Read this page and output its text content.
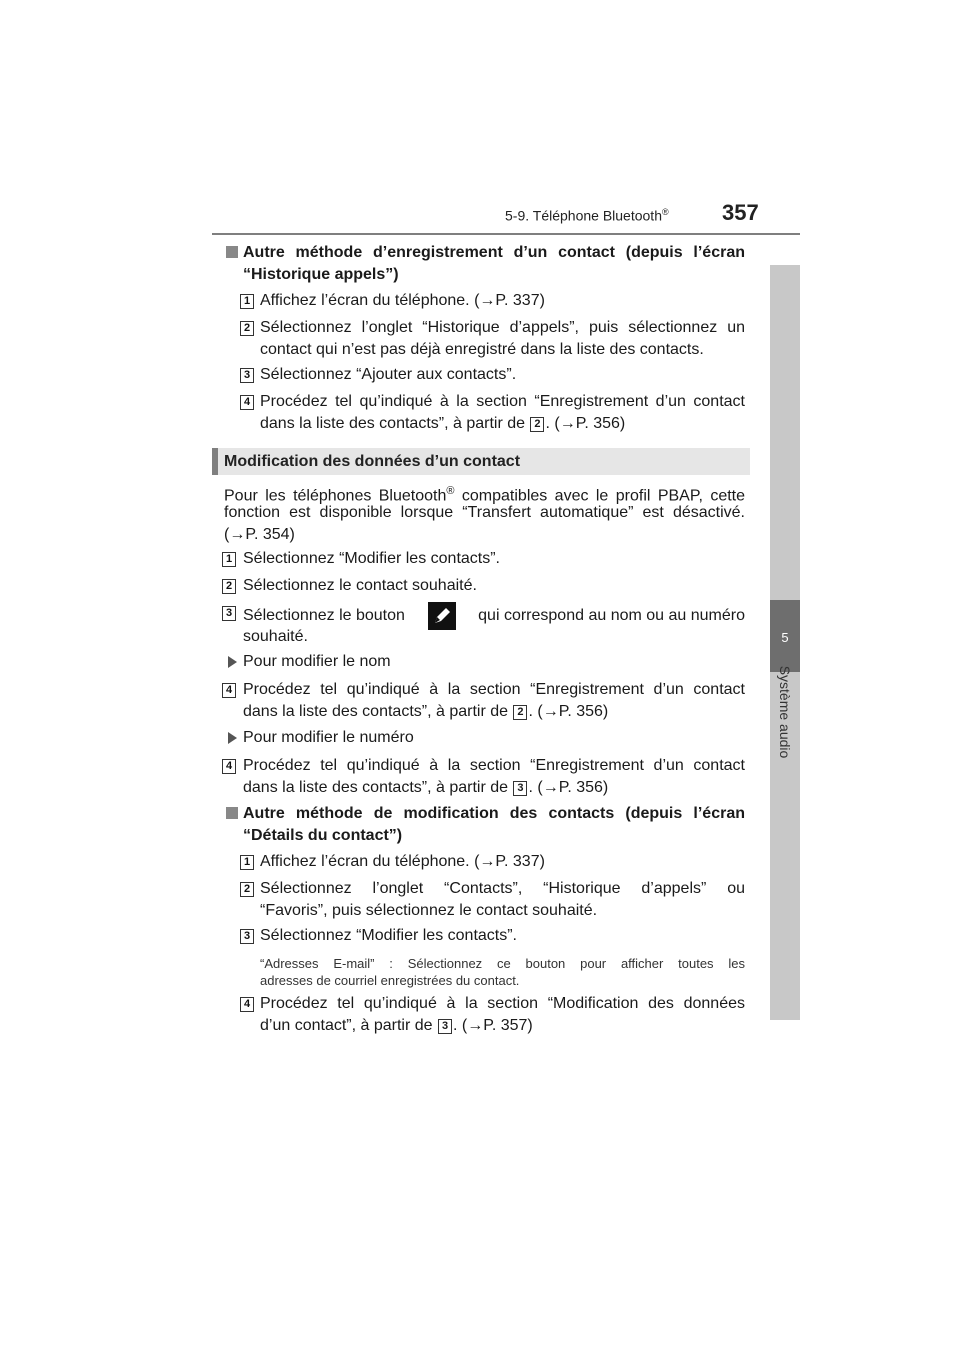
5-9. Téléphone Bluetooth® 357
5
Système audio
Autre méthode d’enregistrement d’un contact (depuis l’écran
“Historique appels”)
1 Affichez l’écran du téléphone. (→P. 337)
2 Sélectionnez l’onglet “Historique d’appels”, puis sélectionnez un
contact qui n’est pas déjà enregistré dans la liste des contacts.
3 Sélectionnez “Ajouter aux contacts”.
4 Procédez tel qu’indiqué à la section “Enregistrement d’un contact
dans la liste des contacts”, à partir de 2 . (→P. 356)
Modification des données d’un contact
Pour les téléphones Bluetooth® compatibles avec le profil PBAP, cette
fonction est disponible lorsque “Transfert automatique” est désactivé.
(→P. 354)
1 Sélectionnez “Modifier les contacts”.
2 Sélectionnez le contact souhaité.
3 Sélectionnez le bouton	qui correspond au nom ou au numéro
souhaité.
Pour modifier le nom
4 Procédez tel qu’indiqué à la section “Enregistrement d’un contact
dans la liste des contacts”, à partir de 2 . (→P. 356)
Pour modifier le numéro
4 Procédez tel qu’indiqué à la section “Enregistrement d’un contact
dans la liste des contacts”, à partir de 3 . (→P. 356)
Autre méthode de modification des contacts (depuis l’écran
“Détails du contact”)
1 Affichez l’écran du téléphone. (→P. 337)
2 Sélectionnez l’onglet “Contacts”, “Historique d’appels” ou
“Favoris”, puis sélectionnez le contact souhaité.
3 Sélectionnez “Modifier les contacts”.
“Adresses E-mail” : Sélectionnez ce bouton pour afficher toutes les
adresses de courriel enregistrées du contact.
4 Procédez tel qu’indiqué à la section “Modification des données
d’un contact”, à partir de 3 . (→P. 357)
